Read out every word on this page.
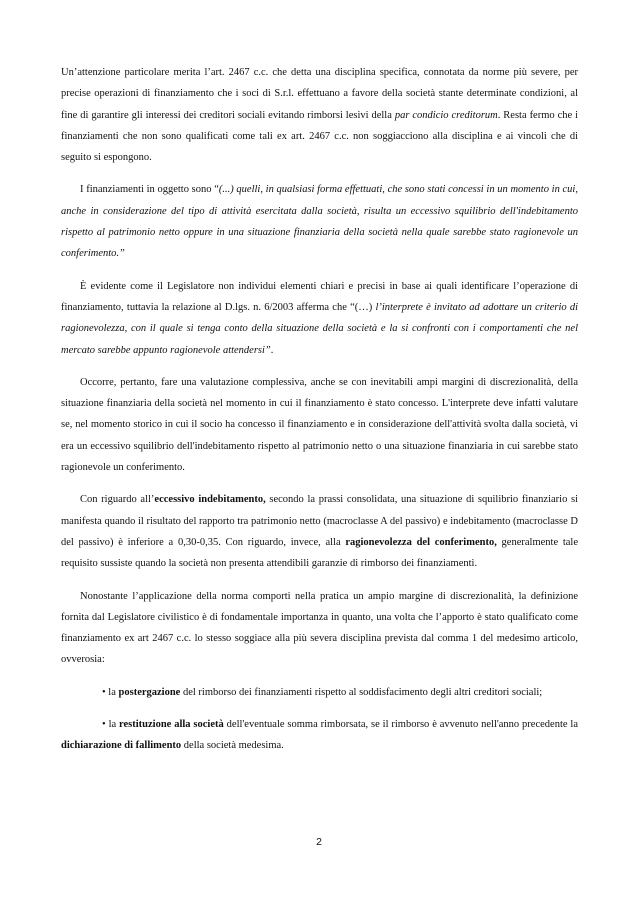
Un’attenzione particolare merita l’art. 2467 c.c. che detta una disciplina specifica, connotata da norme più severe, per precise operazioni di finanziamento che i soci di S.r.l. effettuano a favore della società stante determinate condizioni, al fine di garantire gli interessi dei creditori sociali evitando rimborsi lesivi della par condicio creditorum. Resta fermo che i finanziamenti che non sono qualificati come tali ex art. 2467 c.c. non soggiacciono alla disciplina e ai vincoli che di seguito si espongono.

I finanziamenti in oggetto sono “(...) quelli, in qualsiasi forma effettuati, che sono stati concessi in un momento in cui, anche in considerazione del tipo di attività esercitata dalla società, risulta un eccessivo squilibrio dell'indebitamento rispetto al patrimonio netto oppure in una situazione finanziaria della società nella quale sarebbe stato ragionevole un conferimento.”

È evidente come il Legislatore non individui elementi chiari e precisi in base ai quali identificare l’operazione di finanziamento, tuttavia la relazione al D.lgs. n. 6/2003 afferma che “(…) l’interprete è invitato ad adottare un criterio di ragionevolezza, con il quale si tenga conto della situazione della società e la si confronti con i comportamenti che nel mercato sarebbe appunto ragionevole attendersi”.

Occorre, pertanto, fare una valutazione complessiva, anche se con inevitabili ampi margini di discrezionalità, della situazione finanziaria della società nel momento in cui il finanziamento è stato concesso. L'interprete deve infatti valutare se, nel momento storico in cui il socio ha concesso il finanziamento e in considerazione dell'attività svolta dalla società, vi era un eccessivo squilibrio dell'indebitamento rispetto al patrimonio netto o una situazione finanziaria in cui sarebbe stato ragionevole un conferimento.

Con riguardo all’eccessivo indebitamento, secondo la prassi consolidata, una situazione di squilibrio finanziario si manifesta quando il risultato del rapporto tra patrimonio netto (macroclasse A del passivo) e indebitamento (macroclasse D del passivo) è inferiore a 0,30-0,35. Con riguardo, invece, alla ragionevolezza del conferimento, generalmente tale requisito sussiste quando la società non presenta attendibili garanzie di rimborso dei finanziamenti.

Nonostante l’applicazione della norma comporti nella pratica un ampio margine di discrezionalità, la definizione fornita dal Legislatore civilistico è di fondamentale importanza in quanto, una volta che l’apporto è stato qualificato come finanziamento ex art 2467 c.c. lo stesso soggiace alla più severa disciplina prevista dal comma 1 del medesimo articolo, ovverosia:

• la postergazione del rimborso dei finanziamenti rispetto al soddisfacimento degli altri creditori sociali;

• la restituzione alla società dell'eventuale somma rimborsata, se il rimborso è avvenuto nell'anno precedente la dichiarazione di fallimento della società medesima.

2
